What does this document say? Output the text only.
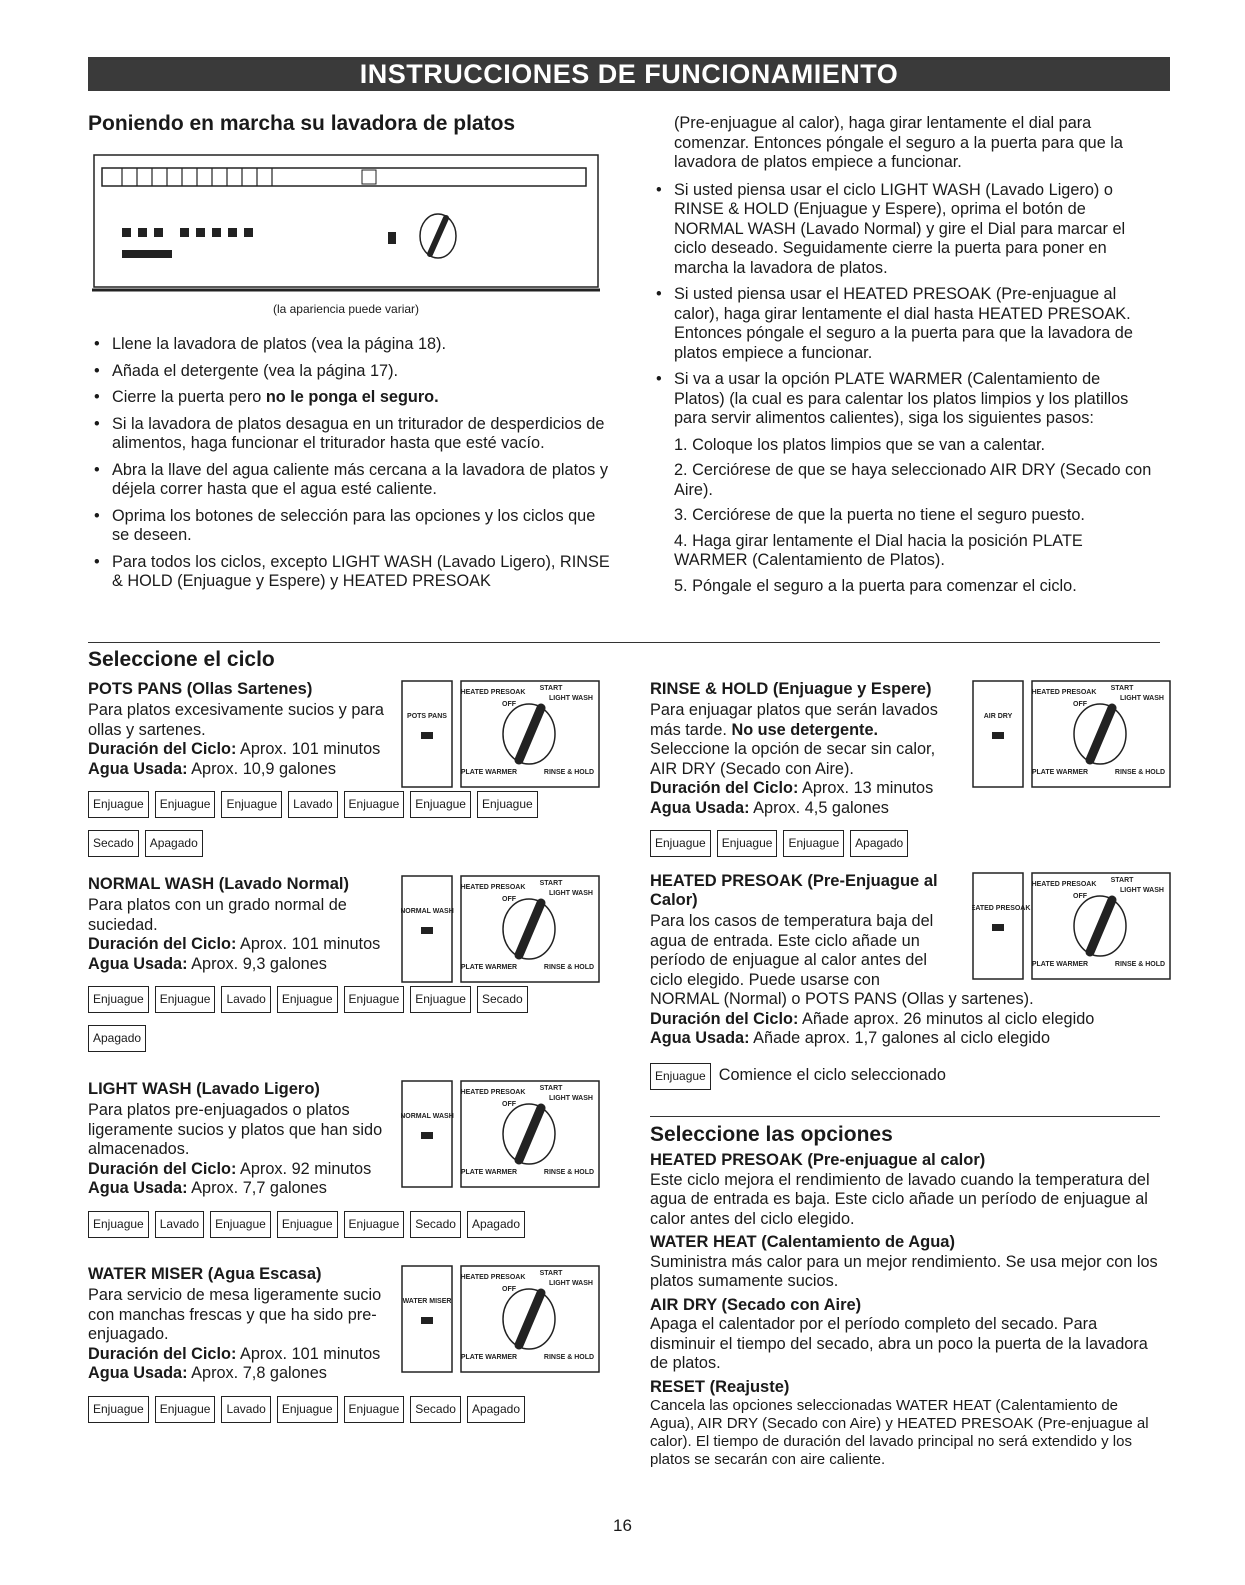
INSTRUCCIONES DE FUNCIONAMIENTO
Poniendo en marcha su lavadora de platos
(la apariencia puede variar)
• Llene la lavadora de platos (vea la página 18).
• Añada el detergente (vea la página 17).
• Cierre la puerta pero no le ponga el seguro.
• Si la lavadora de platos desagua en un triturador de desperdicios de alimentos, haga funcionar el triturador hasta que esté vacío.
• Abra la llave del agua caliente más cercana a la lavadora de platos y déjela correr hasta que el agua esté caliente.
• Oprima los botones de selección para las opciones y los ciclos que se deseen.
• Para todos los ciclos, excepto LIGHT WASH (Lavado Ligero), RINSE & HOLD (Enjuague y Espere) y HEATED PRESOAK
(Pre-enjuague al calor), haga girar lentamente el dial para comenzar. Entonces póngale el seguro a la puerta para que la lavadora de platos empiece a funcionar.
• Si usted piensa usar el ciclo LIGHT WASH (Lavado Ligero) o RINSE & HOLD (Enjuague y Espere), oprima el botón de NORMAL WASH (Lavado Normal) y gire el Dial para marcar el ciclo deseado. Seguidamente cierre la puerta para poner en marcha la lavadora de platos.
• Si usted piensa usar el HEATED PRESOAK (Pre-enjuague al calor), haga girar lentamente el dial hasta HEATED PRESOAK. Entonces póngale el seguro a la puerta para que la lavadora de platos empiece a funcionar.
• Si va a usar la opción PLATE WARMER (Calentamiento de Platos) (la cual es para calentar los platos limpios y los platillos para servir alimentos calientes), siga los siguientes pasos:
1. Coloque los platos limpios que se van a calentar.
2. Cerciórese de que se haya seleccionado AIR DRY (Secado con Aire).
3. Cerciórese de que la puerta no tiene el seguro puesto.
4. Haga girar lentamente el Dial hacia la posición PLATE WARMER (Calentamiento de Platos).
5. Póngale el seguro a la puerta para comenzar el ciclo.
Seleccione el ciclo
POTS PANS (Ollas Sartenes)
Para platos excesivamente sucios y para ollas y sartenes.
Duración del Ciclo: Aprox. 101 minutos
Agua Usada: Aprox. 10,9 galones
POTS PANS
HEATED PRESOAK
START
LIGHT WASH
OFF
PLATE WARMER	RINSE & HOLD
Enjuague	Enjuague	Enjuague	Lavado	Enjuague	Enjuague	Enjuague
Secado	Apagado
NORMAL WASH (Lavado Normal)
Para platos con un grado normal de suciedad.
Duración del Ciclo: Aprox. 101 minutos
Agua Usada: Aprox. 9,3 galones
NORMAL WASH
HEATED PRESOAK
START
LIGHT WASH
OFF
PLATE WARMER	RINSE & HOLD
Enjuague	Enjuague	Lavado	Enjuague	Enjuague	Enjuague	Secado
Apagado
LIGHT WASH (Lavado Ligero)
Para platos pre-enjuagados o platos ligeramente sucios y platos que han sido almacenados.
Duración del Ciclo: Aprox. 92 minutos
Agua Usada: Aprox. 7,7 galones
NORMAL WASH
HEATED PRESOAK
START
LIGHT WASH
OFF
PLATE WARMER	RINSE & HOLD
Enjuague	Lavado	Enjuague	Enjuague	Enjuague	Secado	Apagado
WATER MISER (Agua Escasa)
Para servicio de mesa ligeramente sucio con manchas frescas y que ha sido pre-enjuagado.
Duración del Ciclo: Aprox. 101 minutos
Agua Usada: Aprox. 7,8 galones
WATER MISER
HEATED PRESOAK
START
LIGHT WASH
OFF
PLATE WARMER	RINSE & HOLD
Enjuague	Enjuague	Lavado	Enjuague	Enjuague	Secado	Apagado
RINSE & HOLD (Enjuague y Espere)
Para enjuagar platos que serán lavados más tarde. No use detergente.
Seleccione la opción de secar sin calor, AIR DRY (Secado con Aire).
Duración del Ciclo: Aprox. 13 minutos
Agua Usada: Aprox. 4,5 galones
AIR DRY
HEATED PRESOAK
START
LIGHT WASH
OFF
PLATE WARMER	RINSE & HOLD
Enjuague	Enjuague	Enjuague	Apagado
HEATED PRESOAK (Pre-Enjuague al Calor)
Para los casos de temperatura baja del agua de entrada. Este ciclo añade un período de enjuague al calor antes del ciclo elegido. Puede usarse con
NORMAL (Normal) o POTS PANS (Ollas y sartenes).
Duración del Ciclo: Añade aprox. 26 minutos al ciclo elegido
Agua Usada: Añade aprox. 1,7 galones al ciclo elegido
HEATED PRESOAK
HEATED PRESOAK
START
LIGHT WASH
OFF
PLATE WARMER	RINSE & HOLD
Enjuague Comience el ciclo seleccionado
Seleccione las opciones
HEATED PRESOAK (Pre-enjuague al calor)
Este ciclo mejora el rendimiento de lavado cuando la temperatura del agua de entrada es baja. Este ciclo añade un período de enjuague al calor antes del ciclo elegido.
WATER HEAT (Calentamiento de Agua)
Suministra más calor para un mejor rendimiento. Se usa mejor con los platos sumamente sucios.
AIR DRY (Secado con Aire)
Apaga el calentador por el período completo del secado. Para disminuir el tiempo del secado, abra un poco la puerta de la lavadora de platos.
RESET (Reajuste)
Cancela las opciones seleccionadas WATER HEAT (Calentamiento de Agua), AIR DRY (Secado con Aire) y HEATED PRESOAK (Pre-enjuague al calor). El tiempo de duración del lavado principal no será extendido y los platos se secarán con aire caliente.
16
